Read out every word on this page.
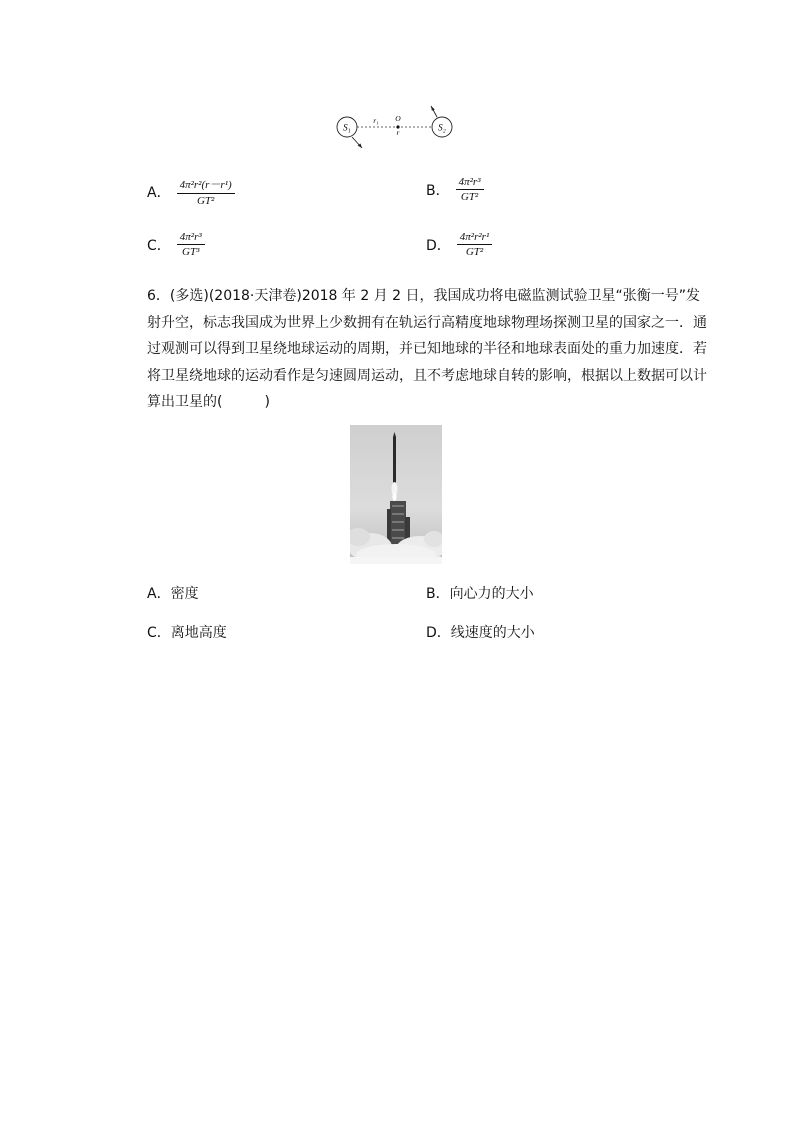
S₁	S₂
r₁ O
r
A． $\frac{\text{4π²r²(r－r¹)}}{\text{GT²}}$	B． $\frac{\text{4π²r³}}{\text{GT²}}$
C． $\frac{\text{4π²r³}}{\text{GT³}}$	D． $\frac{\text{4π²r²r¹}}{\text{GT²}}$
6．(多选)(2018·天津卷)2018 年 2 月 2 日，我国成功将电磁监测试验卫星“张衡一号”发
射升空，标志我国成为世界上少数拥有在轨运行高精度地球物理场探测卫星的国家之一．通
过观测可以得到卫星绕地球运动的周期，并已知地球的半径和地球表面处的重力加速度．若
将卫星绕地球的运动看作是匀速圆周运动，且不考虑地球自转的影响，根据以上数据可以计
算出卫星的(　　　)
A．密度	B．向心力的大小
C．离地高度	D．线速度的大小
